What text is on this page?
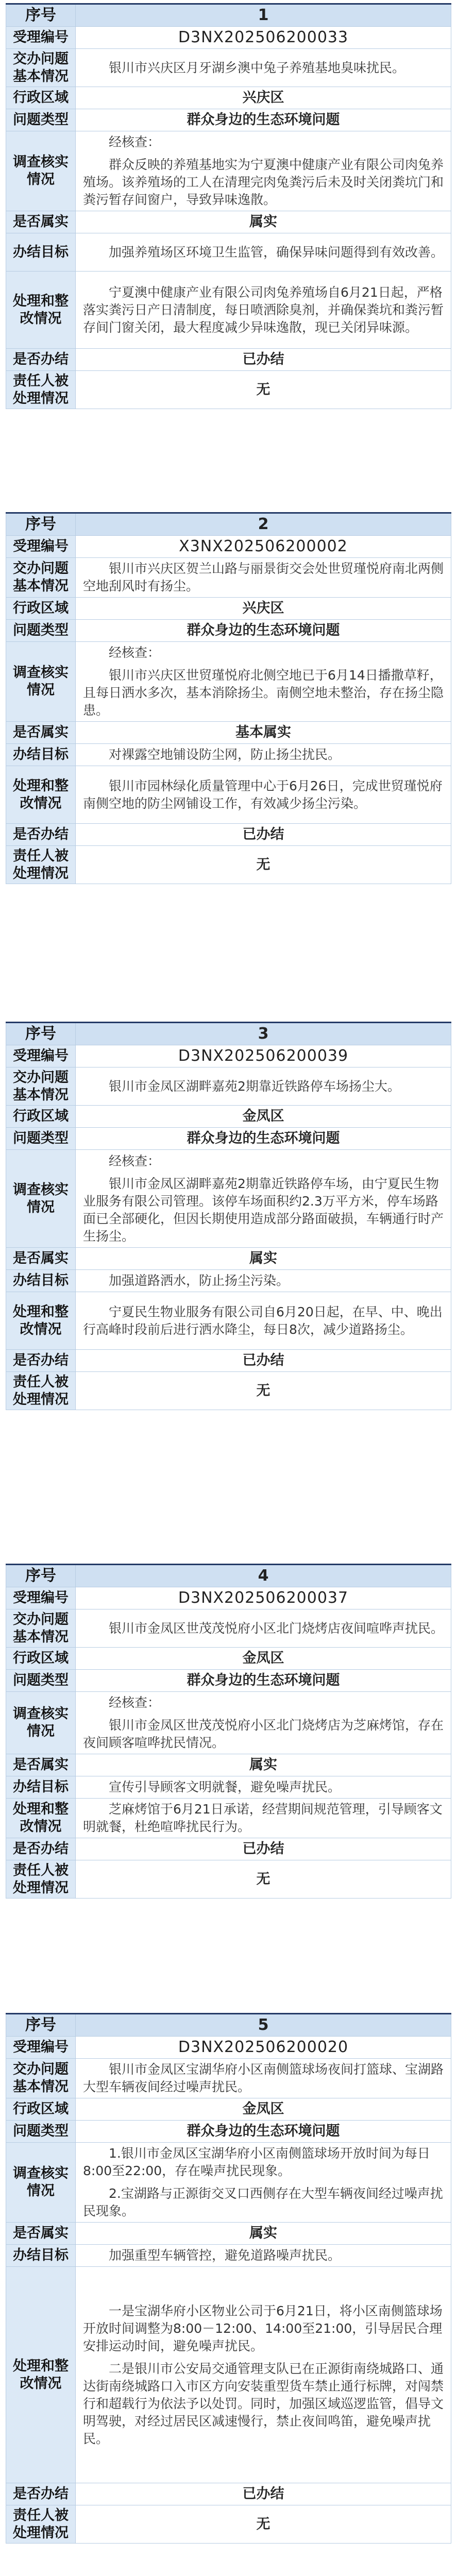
序号	1
受理编号	D3NX202506200033
交办问题基本情况	银川市兴庆区月牙湖乡澳中兔子养殖基地臭味扰民。

行政区域	兴庆区
问题类型	群众身边的生态环境问题
调查核实情况	经核查：
群众反映的养殖基地实为宁夏澳中健康产业有限公司肉兔养殖场。该养殖场的工人在清理完肉兔粪污后未及时关闭粪坑门和粪污暂存间窗户，导致异味逸散。

是否属实	属实
办结目标	加强养殖场区环境卫生监管，确保异味问题得到有效改善。

处理和整改情况	宁夏澳中健康产业有限公司肉兔养殖场自6月21日起，严格落实粪污日产日清制度，每日喷洒除臭剂，并确保粪坑和粪污暂存间门窗关闭，最大程度减少异味逸散，现已关闭异味源。

是否办结	已办结
责任人被处理情况	无
序号	2
受理编号	X3NX202506200002
交办问题基本情况	银川市兴庆区贺兰山路与丽景街交会处世贸瑾悦府南北两侧空地刮风时有扬尘。

行政区域	兴庆区
问题类型	群众身边的生态环境问题
调查核实情况	经核查：
银川市兴庆区世贸瑾悦府北侧空地已于6月14日播撒草籽，且每日洒水多次，基本消除扬尘。南侧空地未整治，存在扬尘隐患。

是否属实	基本属实
办结目标	对裸露空地铺设防尘网，防止扬尘扰民。

处理和整改情况	银川市园林绿化质量管理中心于6月26日，完成世贸瑾悦府南侧空地的防尘网铺设工作，有效减少扬尘污染。

是否办结	已办结
责任人被处理情况	无
序号	3
受理编号	D3NX202506200039
交办问题基本情况	银川市金凤区湖畔嘉苑2期靠近铁路停车场扬尘大。

行政区域	金凤区
问题类型	群众身边的生态环境问题
调查核实情况	经核查：
银川市金凤区湖畔嘉苑2期靠近铁路停车场，由宁夏民生物业服务有限公司管理。该停车场面积约2.3万平方米，停车场路面已全部硬化，但因长期使用造成部分路面破损，车辆通行时产生扬尘。

是否属实	属实
办结目标	加强道路洒水，防止扬尘污染。

处理和整改情况	宁夏民生物业服务有限公司自6月20日起，在早、中、晚出行高峰时段前后进行洒水降尘，每日8次，减少道路扬尘。

是否办结	已办结
责任人被处理情况	无
序号	4
受理编号	D3NX202506200037
交办问题基本情况	银川市金凤区世茂茂悦府小区北门烧烤店夜间喧哗声扰民。

行政区域	金凤区
问题类型	群众身边的生态环境问题
调查核实情况	经核查：
银川市金凤区世茂茂悦府小区北门烧烤店为芝麻烤馆，存在夜间顾客喧哗扰民情况。

是否属实	属实
办结目标	宣传引导顾客文明就餐，避免噪声扰民。

处理和整改情况	芝麻烤馆于6月21日承诺，经营期间规范管理，引导顾客文明就餐，杜绝喧哗扰民行为。

是否办结	已办结
责任人被处理情况	无
序号	5
受理编号	D3NX202506200020
交办问题基本情况	银川市金凤区宝湖华府小区南侧篮球场夜间打篮球、宝湖路大型车辆夜间经过噪声扰民。

行政区域	金凤区
问题类型	群众身边的生态环境问题
调查核实情况	1.银川市金凤区宝湖华府小区南侧篮球场开放时间为每日8:00至22:00，存在噪声扰民现象。
2.宝湖路与正源街交叉口西侧存在大型车辆夜间经过噪声扰民现象。

是否属实	属实
办结目标	加强重型车辆管控，避免道路噪声扰民。

处理和整改情况	一是宝湖华府小区物业公司于6月21日，将小区南侧篮球场开放时间调整为8:00－12:00、14:00至21:00，引导居民合理安排运动时间，避免噪声扰民。
二是银川市公安局交通管理支队已在正源街南绕城路口、通达街南绕城路口入市区方向安装重型货车禁止通行标牌，对闯禁行和超载行为依法予以处罚。同时，加强区域巡逻监管，倡导文明驾驶，对经过居民区减速慢行，禁止夜间鸣笛，避免噪声扰民。

是否办结	已办结
责任人被处理情况	无
